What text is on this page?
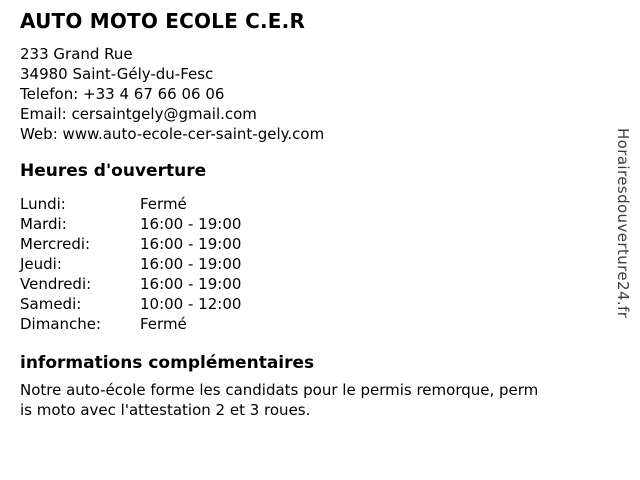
AUTO MOTO ECOLE C.E.R
233 Grand Rue
34980 Saint-Gély-du-Fesc
Telefon: +33 4 67 66 06 06
Email: cersaintgely@gmail.com
Web: www.auto-ecole-cer-saint-gely.com
Heures d'ouverture
Lundi:	Fermé
Mardi:	16:00 - 19:00
Mercredi:	16:00 - 19:00
Jeudi:	16:00 - 19:00
Vendredi:	16:00 - 19:00
Samedi:	10:00 - 12:00
Dimanche:	Fermé
informations complémentaires
Notre auto-école forme les candidats pour le permis remorque, perm
is moto avec l'attestation 2 et 3 roues.
Horairesdouverture24.fr
